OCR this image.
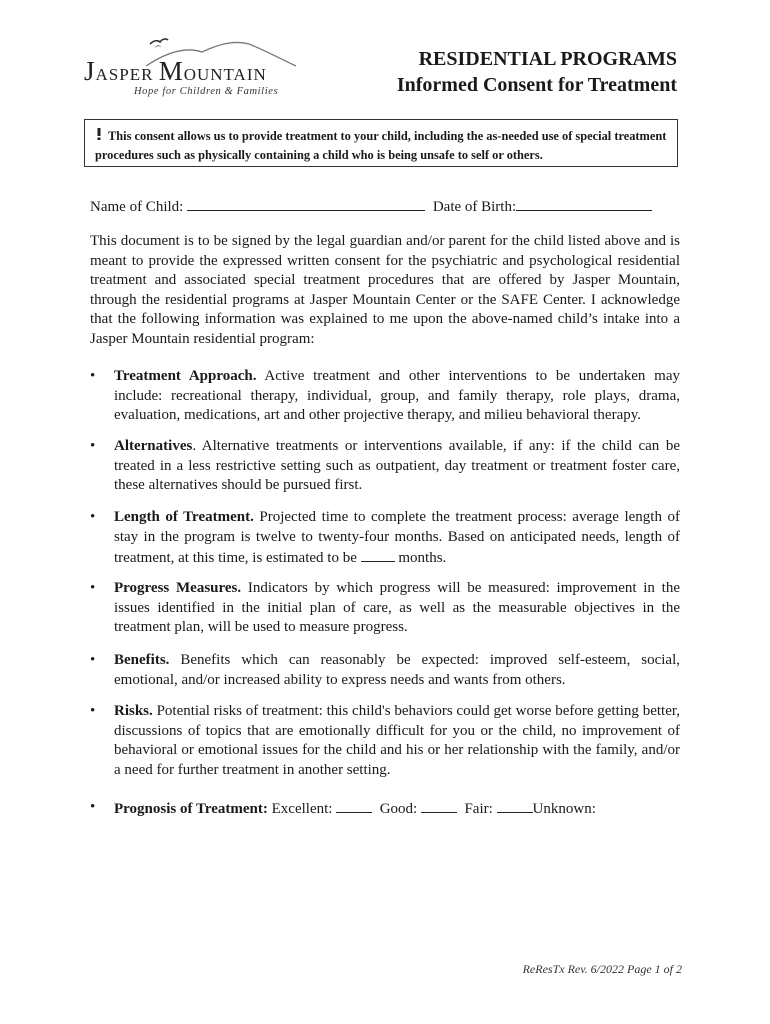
JASPER MOUNTAIN
Hope for Children & Families
RESIDENTIAL PROGRAMS
Informed Consent for Treatment
This consent allows us to provide treatment to your child, including the as-needed use of special treatment procedures such as physically containing a child who is being unsafe to self or others.
Name of Child:	Date of Birth:
This document is to be signed by the legal guardian and/or parent for the child listed above and is meant to provide the expressed written consent for the psychiatric and psychological residential treatment and associated special treatment procedures that are offered by Jasper Mountain, through the residential programs at Jasper Mountain Center or the SAFE Center. I acknowledge that the following information was explained to me upon the above-named child’s intake into a Jasper Mountain residential program:
• Treatment Approach. Active treatment and other interventions to be undertaken may include: recreational therapy, individual, group, and family therapy, role plays, drama, evaluation, medications, art and other projective therapy, and milieu behavioral therapy.
• Alternatives. Alternative treatments or interventions available, if any: if the child can be treated in a less restrictive setting such as outpatient, day treatment or treatment foster care, these alternatives should be pursued first.
• Length of Treatment. Projected time to complete the treatment process: average length of stay in the program is twelve to twenty-four months. Based on anticipated needs, length of treatment, at this time, is estimated to be	months.
• Progress Measures. Indicators by which progress will be measured: improvement in the issues identified in the initial plan of care, as well as the measurable objectives in the treatment plan, will be used to measure progress.
• Benefits. Benefits which can reasonably be expected: improved self-esteem, social, emotional, and/or increased ability to express needs and wants from others.
• Risks. Potential risks of treatment: this child's behaviors could get worse before getting better, discussions of topics that are emotionally difficult for you or the child, no improvement of behavioral or emotional issues for the child and his or her relationship with the family, and/or a need for further treatment in another setting.
• Prognosis of Treatment: Excellent:	Good:	Fair:	Unknown:
ReResTx Rev. 6/2022 Page 1 of 2
